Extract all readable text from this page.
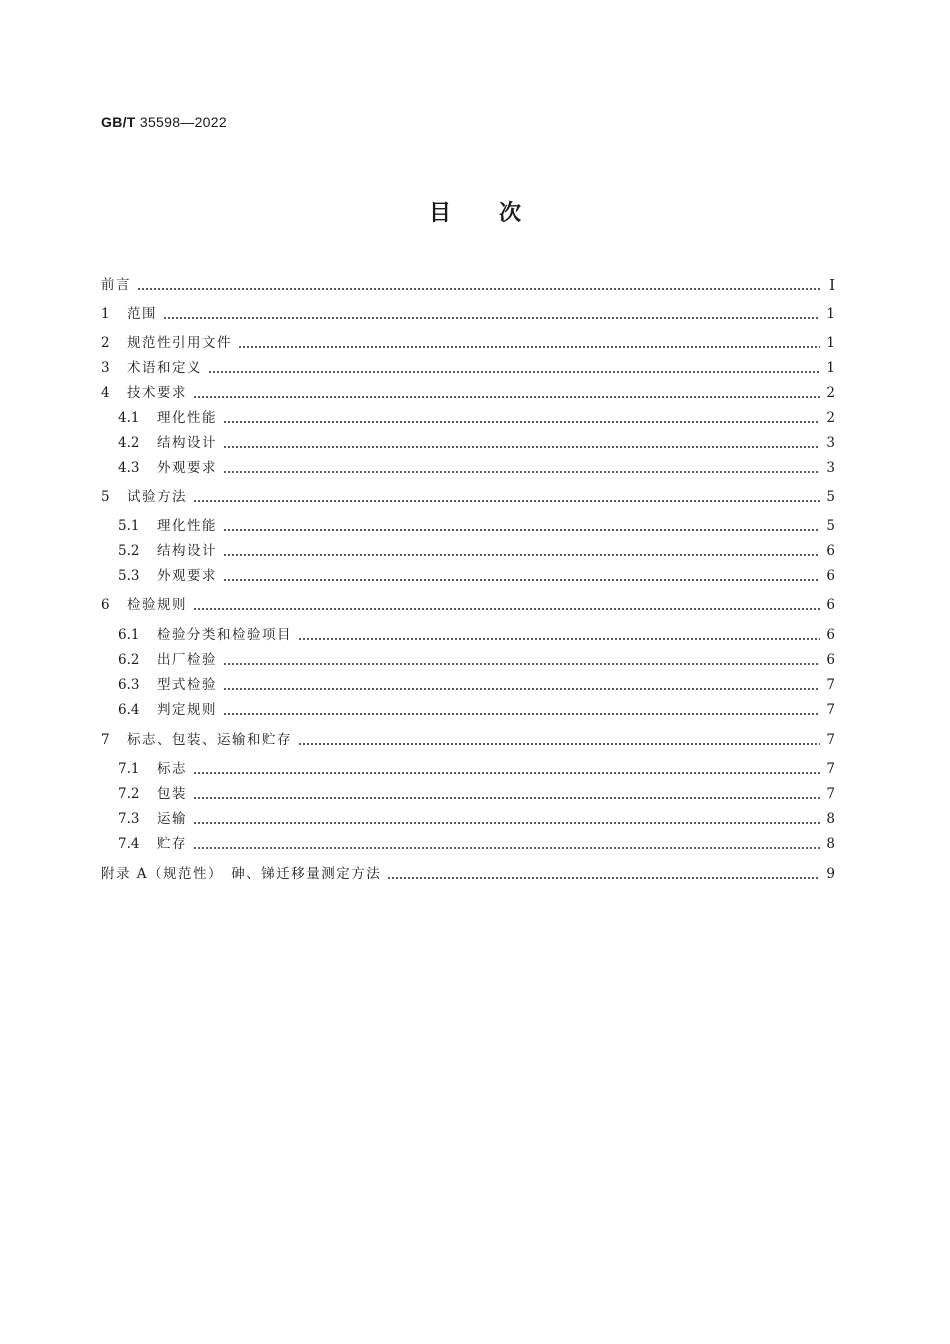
GB/T 35598—2022
目 次
前言	I
1	范围	1
2	规范性引用文件	1
3	术语和定义	1
4	技术要求	2
4.1	理化性能	2
4.2	结构设计	3
4.3	外观要求	3
5	试验方法	5
5.1	理化性能	5
5.2	结构设计	6
5.3	外观要求	6
6	检验规则	6
6.1	检验分类和检验项目	6
6.2	出厂检验	6
6.3	型式检验	7
6.4	判定规则	7
7	标志、包装、运输和贮存	7
7.1	标志	7
7.2	包装	7
7.3	运输	8
7.4	贮存	8
附录 A（规范性）　砷、锑迁移量测定方法	9
